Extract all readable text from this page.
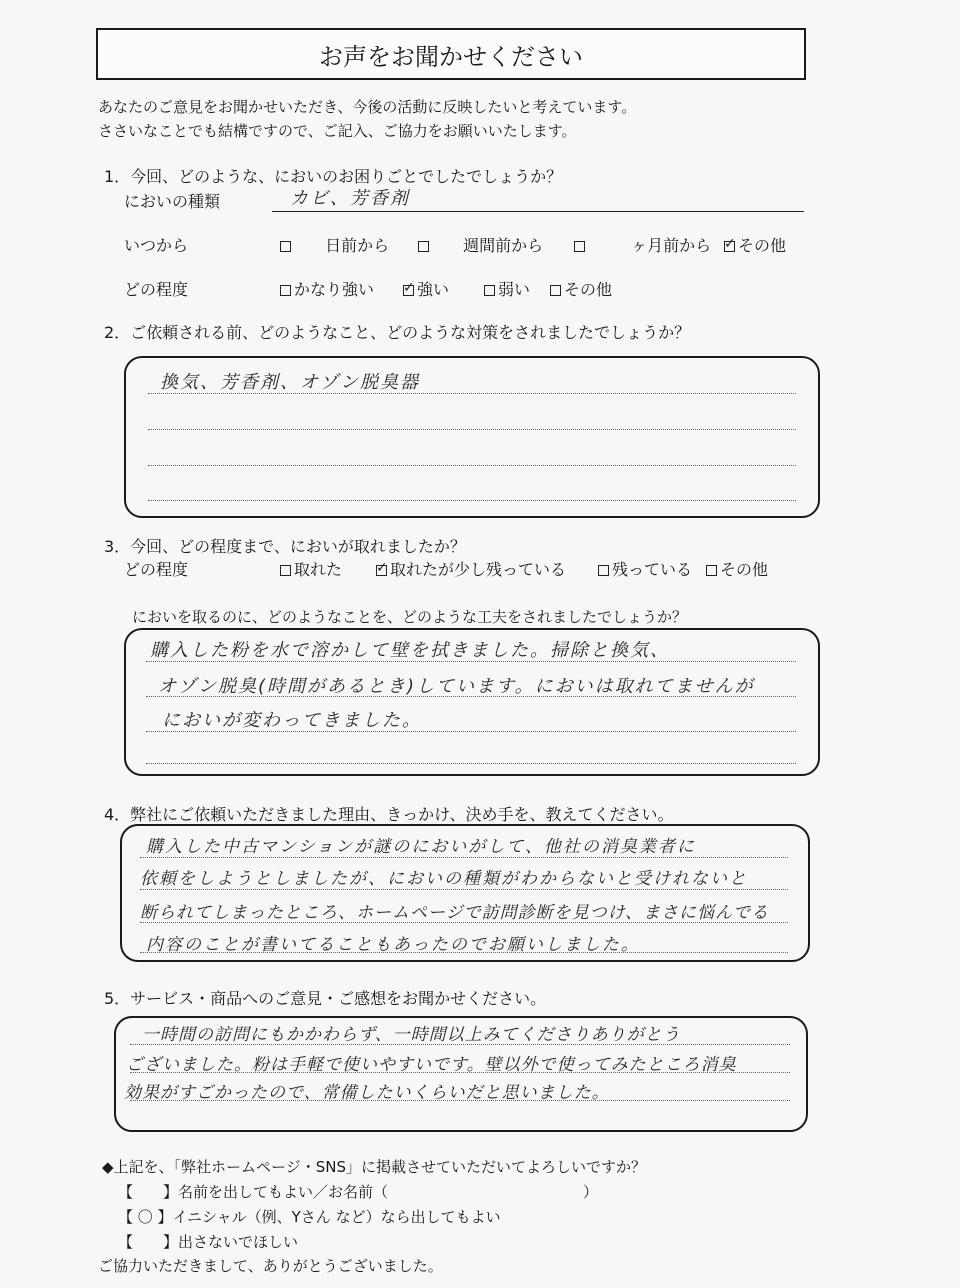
お声をお聞かせください
あなたのご意見をお聞かせいただき、今後の活動に反映したいと考えています。
ささいなことでも結構ですので、ご記入、ご協力をお願いいたします。
1．今回、どのような、においのお困りごとでしたでしょうか？
においの種類	カビ、芳香剤
いつから	日前から	週間前から	ヶ月前から ✓	その他
どの程度	かなり強い ✓	強い	弱い	その他
2．ご依頼される前、どのようなこと、どのような対策をされましたでしょうか？
換気、芳香剤、オゾン脱臭器
3．今回、どの程度まで、においが取れましたか？
どの程度	取れた ✓	取れたが少し残っている	残っている	その他
においを取るのに、どのようなことを、どのような工夫をされましたでしょうか？
購入した粉を水で溶かして壁を拭きました。掃除と換気、
オゾン脱臭(時間があるとき)しています。においは取れてませんが
においが変わってきました。
4．弊社にご依頼いただきました理由、きっかけ、決め手を、教えてください。
購入した中古マンションが謎のにおいがして、他社の消臭業者に
依頼をしようとしましたが、においの種類がわからないと受けれないと
断られてしまったところ、ホームページで訪問診断を見つけ、まさに悩んでる
内容のことが書いてることもあったのでお願いしました。
5．サービス・商品へのご意見・ご感想をお聞かせください。
一時間の訪問にもかかわらず、一時間以上みてくださりありがとう
ございました。粉は手軽で使いやすいです。壁以外で使ってみたところ消臭
効果がすごかったので、常備したいくらいだと思いました。
◆上記を、「弊社ホームページ・SNS」に掲載させていただいてよろしいですか？
【　　】名前を出してもよい／お名前（　　　　　　　　　　　　　）
【 〇 】イニシャル（例、Yさん など）なら出してもよい
【　　】出さないでほしい
ご協力いただきまして、ありがとうございました。
